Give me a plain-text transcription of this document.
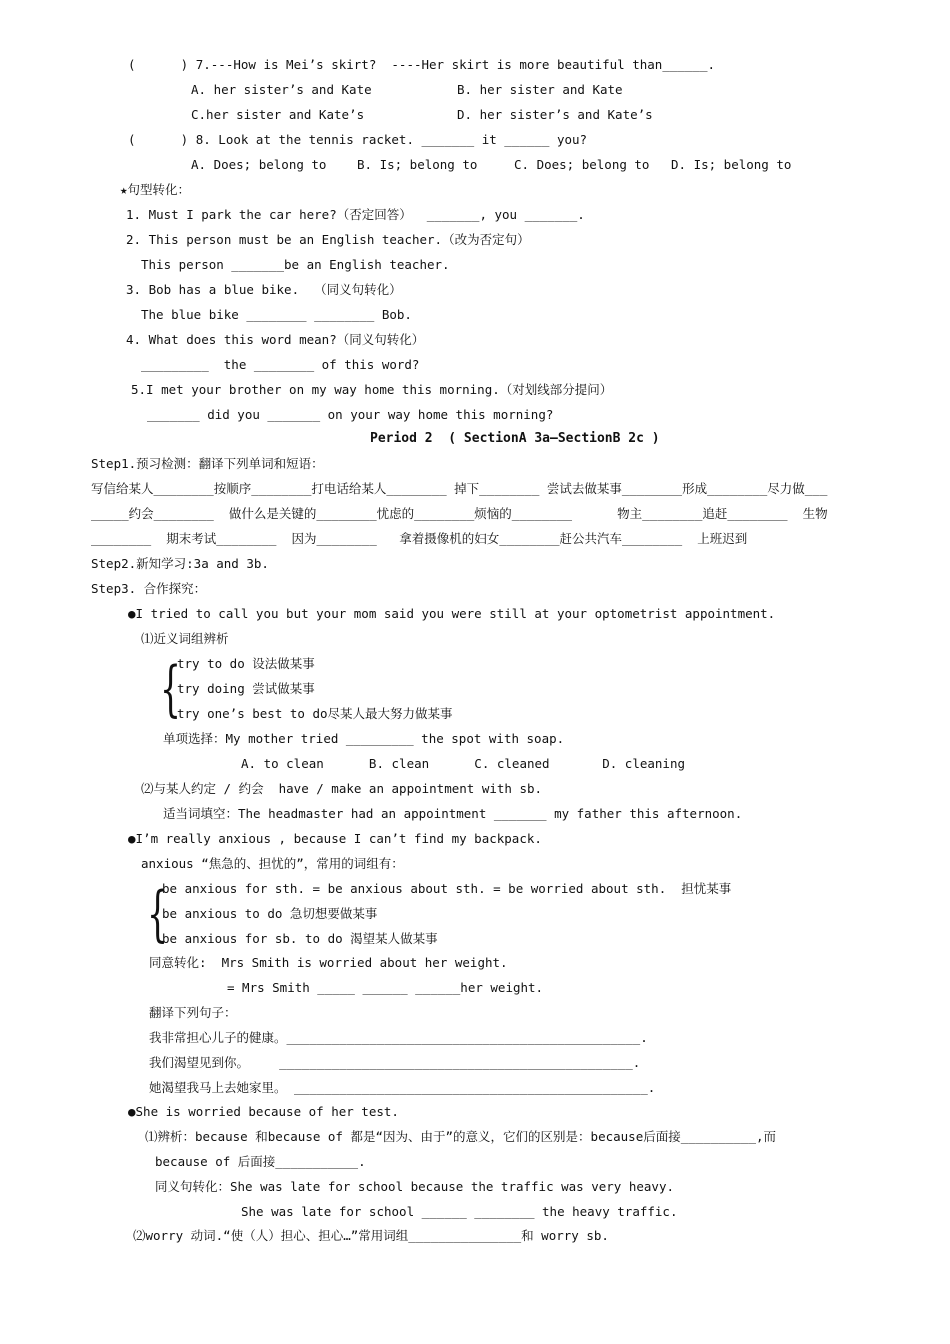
(      ) 7.---How is Mei’s skirt?  ----Her skirt is more beautiful than______.
A. her sister’s and Kate	B. her sister and Kate
C.her sister and Kate’s	D. her sister’s and Kate’s
(      ) 8. Look at the tennis racket. _______ it ______ you?
A. Does; belong to B. Is; belong to	C. Does; belong to D. Is; belong to
★句型转化：
1. Must I park the car here?（否定回答）  _______, you _______.
2. This person must be an English teacher.（改为否定句）
This person _______be an English teacher.
3. Bob has a blue bike.  （同义句转化）
The blue bike ________ ________ Bob.
4. What does this word mean?（同义句转化）
_________  the ________ of this word?
5.I met your brother on my way home this morning.（对划线部分提问）
_______ did you _______ on your way home this morning?
Period 2  ( SectionA 3a—SectionB 2c )
Step1.预习检测：翻译下列单词和短语：
写信给某人________按顺序________打电话给某人________ 掉下________ 尝试去做某事________形成________尽力做___
_____约会________  做什么是关键的________忧虑的________烦恼的________      物主________追赶________  生物
________  期末考试________  因为________   拿着摄像机的妇女________赶公共汽车________  上班迟到
Step2.新知学习:3a and 3b.
Step3. 合作探究：
●I tried to call you but your mom said you were still at your optometrist appointment.
⑴近义词组辨析
{
try to do 设法做某事
try doing 尝试做某事
try one’s best to do尽某人最大努力做某事
单项选择：My mother tried _________ the spot with soap.
A. to clean      B. clean      C. cleaned       D. cleaning
⑵与某人约定 / 约会  have / make an appointment with sb.
适当词填空：The headmaster had an appointment _______ my father this afternoon.
●I’m really anxious , because I can’t find my backpack.
anxious “焦急的、担忧的”，常用的词组有：
{
be anxious for sth. = be anxious about sth. = be worried about sth.  担忧某事
be anxious to do 急切想要做某事
be anxious for sb. to do 渴望某人做某事
同意转化:  Mrs Smith is worried about her weight.
= Mrs Smith _____ ______ ______her weight.
翻译下列句子：
我非常担心儿子的健康。_______________________________________________.
我们渴望见到你。    _______________________________________________.
她渴望我马上去她家里。 _______________________________________________.
●She is worried because of her test.
⑴辨析：because 和because of 都是“因为、由于”的意义，它们的区别是：because后面接__________,而
because of 后面接___________.
同义句转化：She was late for school because the traffic was very heavy.
She was late for school ______ ________ the heavy traffic.
⑵worry 动词.“使（人）担心、担心…”常用词组_______________和 worry sb.
